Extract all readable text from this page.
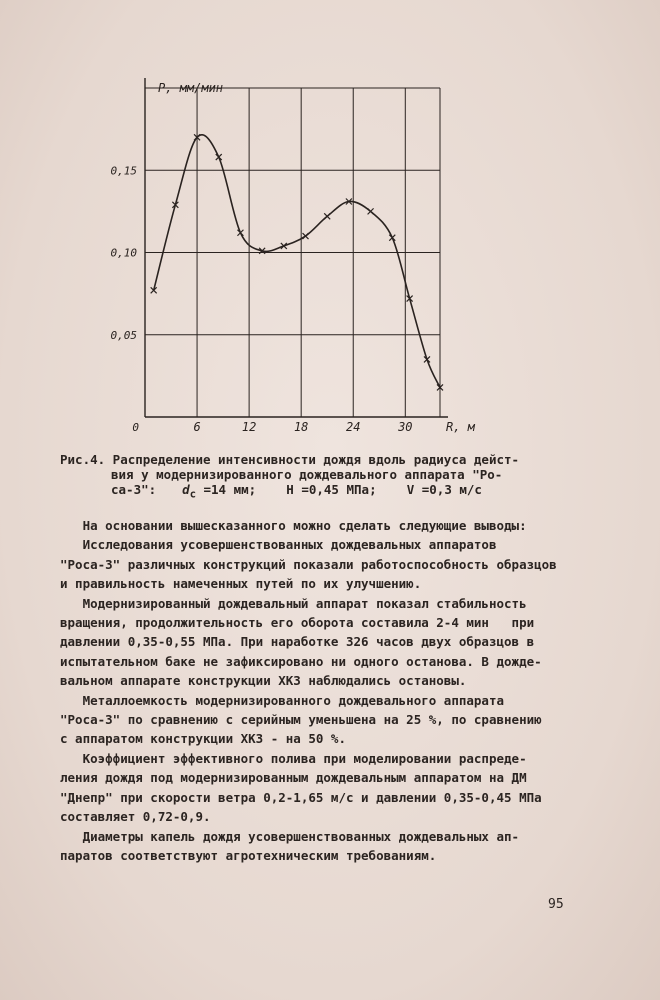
6	12	18	24	30
0,05
0,10
0,15
P, мм/мин
R, м
0
Рис.4. Распределение интенсивности дождя вдоль радиуса дейст-
вия у модернизированного дождевального аппарата "Ро-
са-3": $d_c =14$ мм; H =0,45 МПа; V =0,3 м/с

На основании вышесказанного можно сделать следующие выводы:

Исследования усовершенствованных дождевальных аппаратов

"Роса-3" различных конструкций показали работоспособность образцов

и правильность намеченных путей по их улучшению.

Модернизированный дождевальный аппарат показал стабильность

вращения, продолжительность его оборота составила 2-4 мин   при

давлении 0,35-0,55 МПа. При наработке 326 часов двух образцов в

испытательном баке не зафиксировано ни одного останова. В дожде-

вальном аппарате конструкции ХКЗ наблюдались остановы.

Металлоемкость модернизированного дождевального аппарата

"Роса-3" по сравнению с серийным уменьшена на 25 %, по сравнению

с аппаратом конструкции ХКЗ - на 50 %.

Коэффициент эффективного полива при моделировании распреде-

ления дождя под модернизированным дождевальным аппаратом на ДМ

"Днепр" при скорости ветра 0,2-1,65 м/с и давлении 0,35-0,45 МПа

составляет 0,72-0,9.

Диаметры капель дождя усовершенствованных дождевальных ап-

паратов соответствуют агротехническим требованиям.

95
